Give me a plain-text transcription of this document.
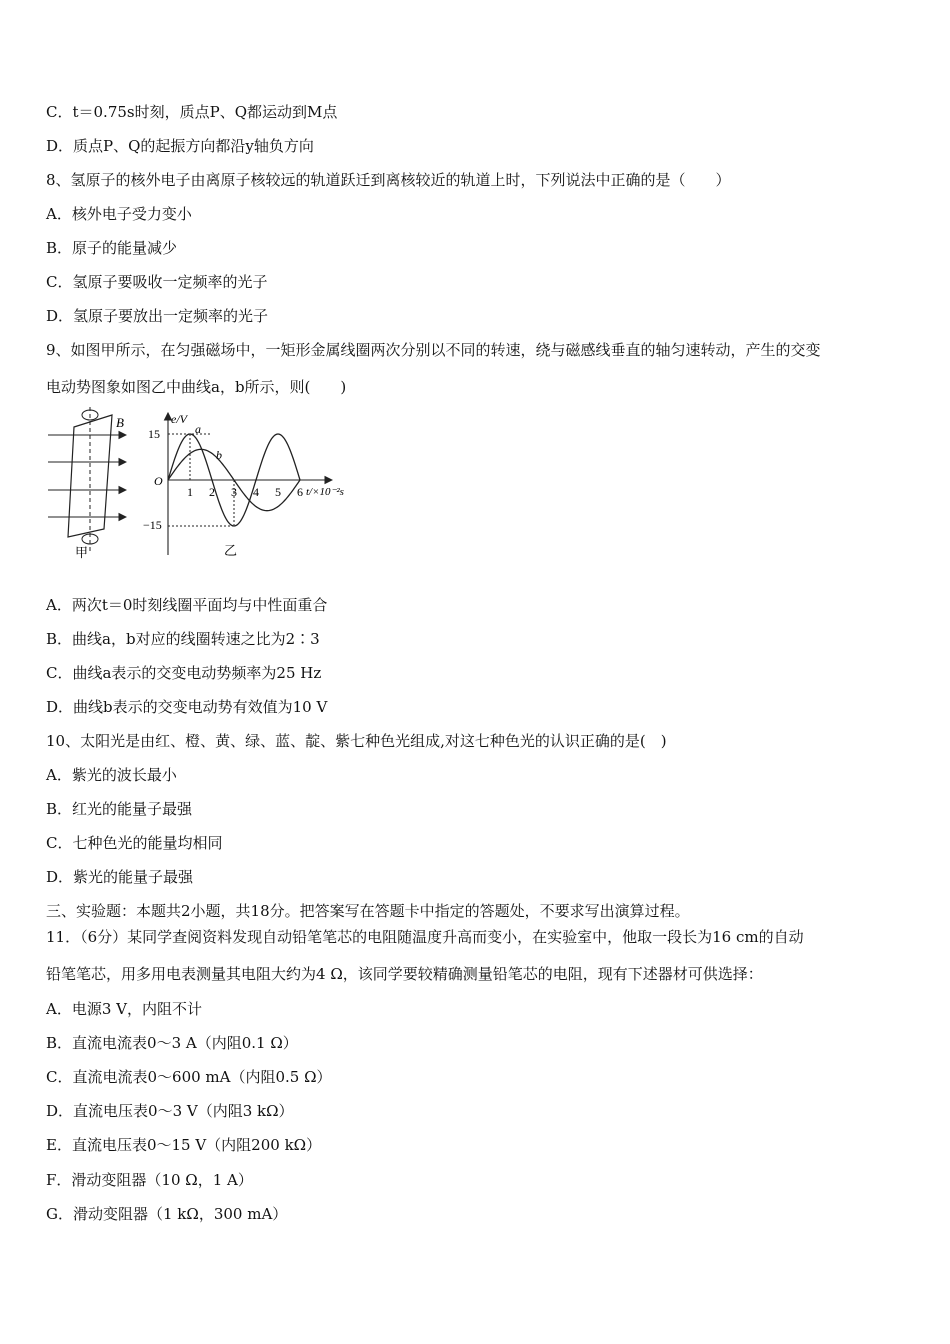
C．t＝0.75s时刻，质点P、Q都运动到M点
D．质点P、Q的起振方向都沿y轴负方向
8、氢原子的核外电子由离原子核较远的轨道跃迁到离核较近的轨道上时，下列说法中正确的是（　　）
A．核外电子受力变小
B．原子的能量减少
C．氢原子要吸收一定频率的光子
D．氢原子要放出一定频率的光子
9、如图甲所示，在匀强磁场中，一矩形金属线圈两次分别以不同的转速，绕与磁感线垂直的轴匀速转动，产生的交变
电动势图象如图乙中曲线a，b所示，则(　　)
B
甲
e/V
t/×10⁻²s
O
15
−15
1 2 3 4 5 6
a
b
乙
A．两次t＝0时刻线圈平面均与中性面重合
B．曲线a，b对应的线圈转速之比为2∶3
C．曲线a表示的交变电动势频率为25 Hz
D．曲线b表示的交变电动势有效值为10 V
10、太阳光是由红、橙、黄、绿、蓝、靛、紫七种色光组成,对这七种色光的认识正确的是(　)
A．紫光的波长最小
B．红光的能量子最强
C．七种色光的能量均相同
D．紫光的能量子最强
三、实验题：本题共2小题，共18分。把答案写在答题卡中指定的答题处，不要求写出演算过程。
11．（6分）某同学查阅资料发现自动铅笔笔芯的电阻随温度升高而变小，在实验室中，他取一段长为16 cm的自动
铅笔笔芯，用多用电表测量其电阻大约为4 Ω，该同学要较精确测量铅笔芯的电阻，现有下述器材可供选择：
A．电源3 V，内阻不计
B．直流电流表0～3 A（内阻0.1 Ω）
C．直流电流表0～600 mA（内阻0.5 Ω）
D．直流电压表0～3 V（内阻3 kΩ）
E．直流电压表0～15 V（内阻200 kΩ）
F．滑动变阻器（10 Ω，1 A）
G．滑动变阻器（1 kΩ，300 mA）
